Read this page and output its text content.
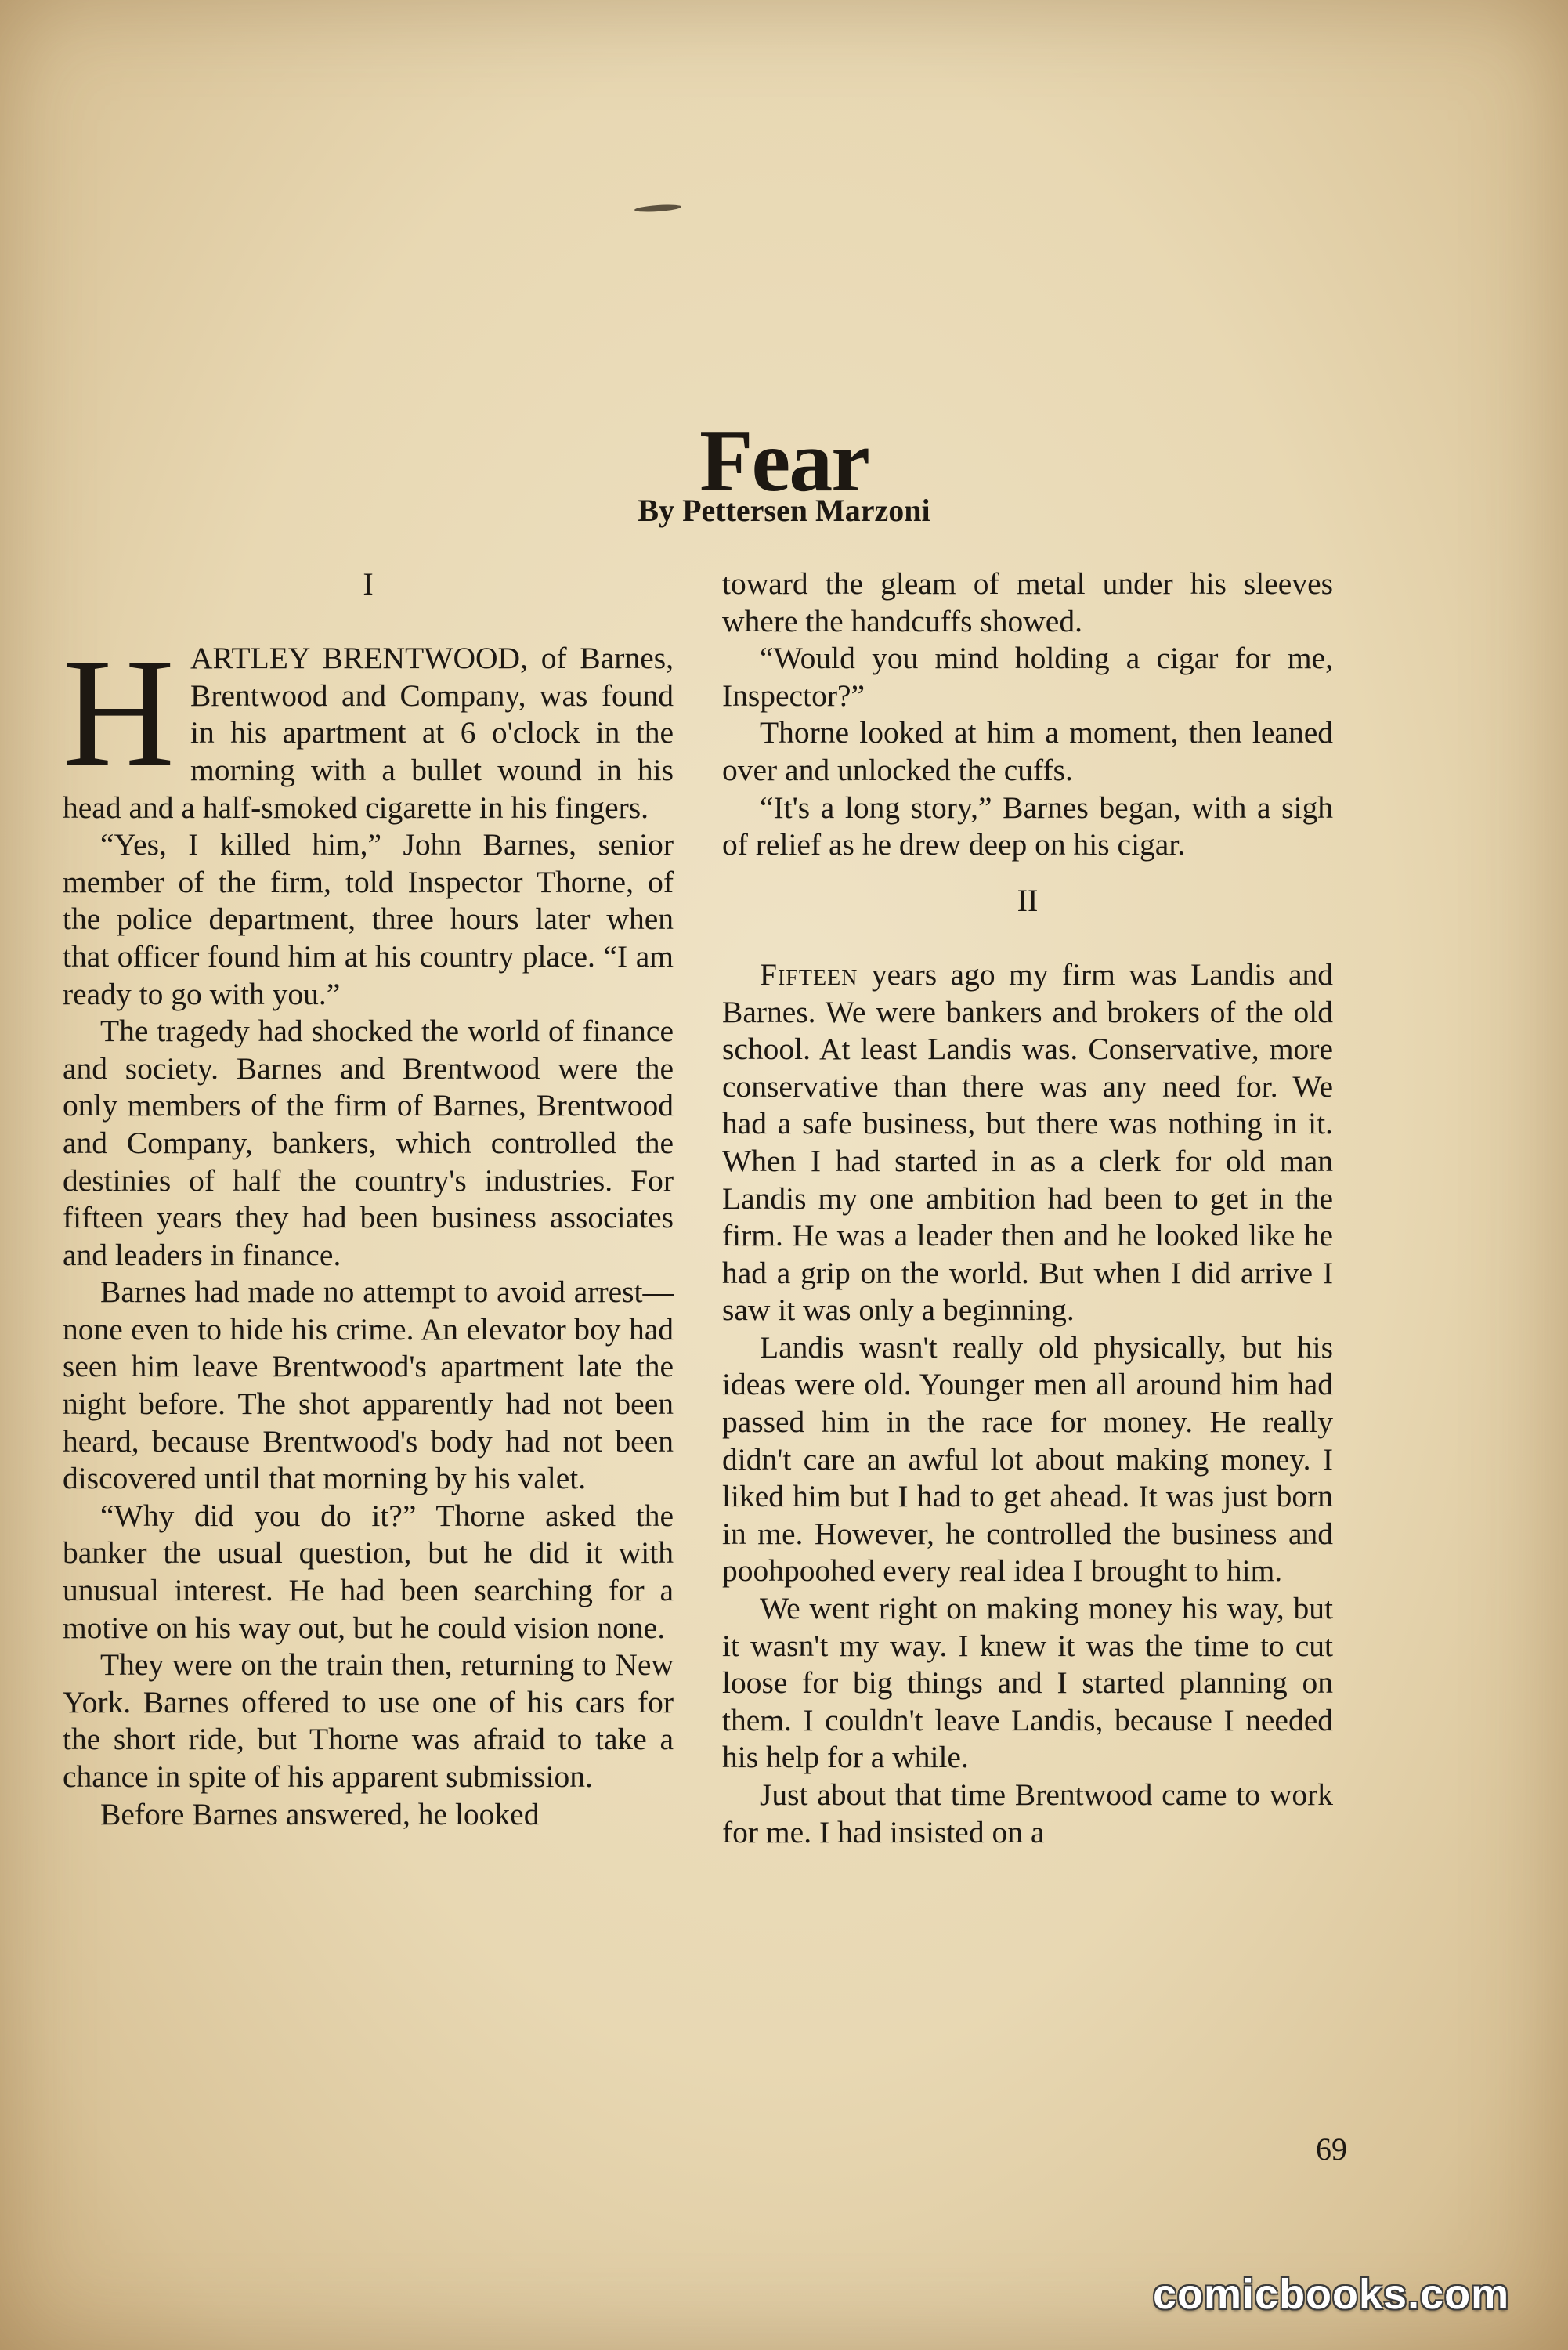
Fear
By Pettersen Marzoni
I

HARTLEY BRENTWOOD, of Barnes, Brentwood and Company, was found in his apartment at 6 o'clock in the morning with a bullet wound in his head and a half-smoked cigarette in his fingers.

“Yes, I killed him,” John Barnes, senior member of the firm, told Inspector Thorne, of the police department, three hours later when that officer found him at his country place. “I am ready to go with you.”

The tragedy had shocked the world of finance and society. Barnes and Brentwood were the only members of the firm of Barnes, Brentwood and Company, bankers, which controlled the destinies of half the country's industries. For fifteen years they had been business associates and leaders in finance.

Barnes had made no attempt to avoid arrest—none even to hide his crime. An elevator boy had seen him leave Brentwood's apartment late the night before. The shot apparently had not been heard, because Brentwood's body had not been discovered until that morning by his valet.

“Why did you do it?” Thorne asked the banker the usual question, but he did it with unusual interest. He had been searching for a motive on his way out, but he could vision none.

They were on the train then, returning to New York. Barnes offered to use one of his cars for the short ride, but Thorne was afraid to take a chance in spite of his apparent submission.

Before Barnes answered, he looked

toward the gleam of metal under his sleeves where the handcuffs showed.

“Would you mind holding a cigar for me, Inspector?”

Thorne looked at him a moment, then leaned over and unlocked the cuffs.

“It's a long story,” Barnes began, with a sigh of relief as he drew deep on his cigar.

II

Fifteen years ago my firm was Landis and Barnes. We were bankers and brokers of the old school. At least Landis was. Conservative, more conservative than there was any need for. We had a safe business, but there was nothing in it. When I had started in as a clerk for old man Landis my one ambition had been to get in the firm. He was a leader then and he looked like he had a grip on the world. But when I did arrive I saw it was only a beginning.

Landis wasn't really old physically, but his ideas were old. Younger men all around him had passed him in the race for money. He really didn't care an awful lot about making money. I liked him but I had to get ahead. It was just born in me. However, he controlled the business and poohpoohed every real idea I brought to him.

We went right on making money his way, but it wasn't my way. I knew it was the time to cut loose for big things and I started planning on them. I couldn't leave Landis, because I needed his help for a while.

Just about that time Brentwood came to work for me. I had insisted on a

69
comicbooks.com
